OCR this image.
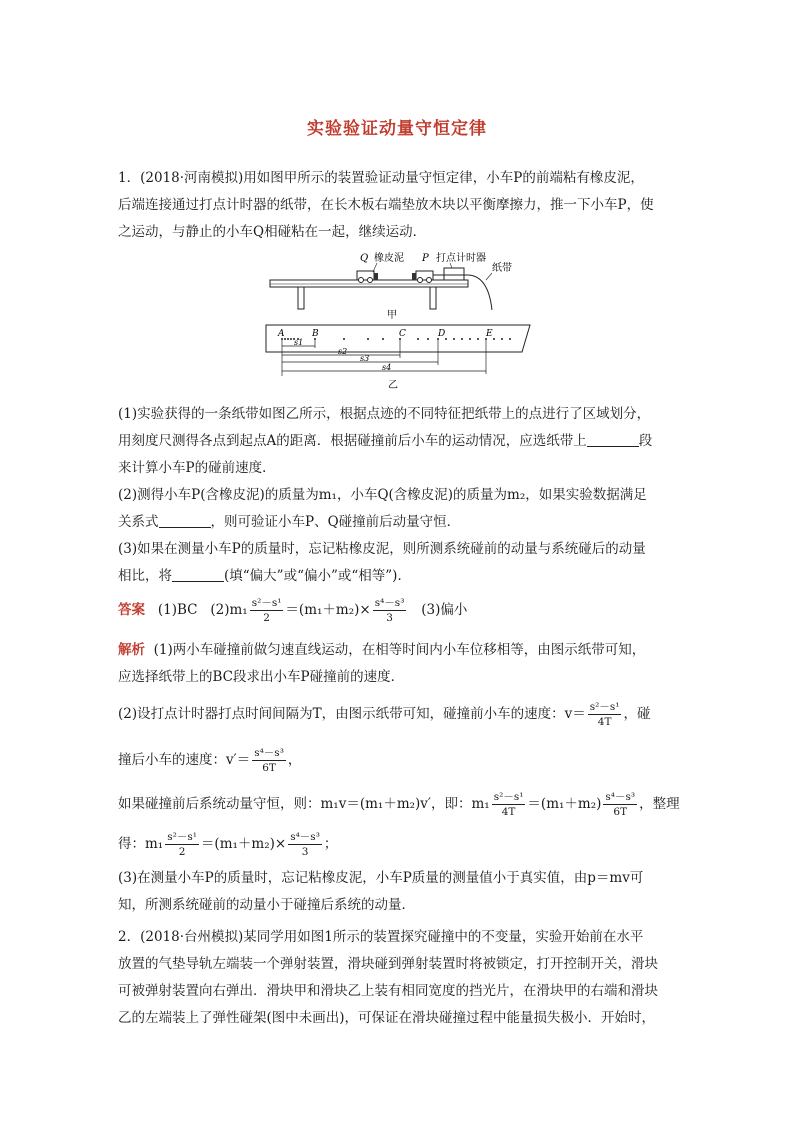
实验验证动量守恒定律
1．(2018·河南模拟)用如图甲所示的装置验证动量守恒定律，小车P的前端粘有橡皮泥，
后端连接通过打点计时器的纸带，在长木板右端垫放木块以平衡摩擦力，推一下小车P，使
之运动，与静止的小车Q相碰粘在一起，继续运动．
Q 橡皮泥 P 打点计时器
纸带
甲
A	B	C	D	E
s1
s2
s3
s4
乙
(1)实验获得的一条纸带如图乙所示，根据点迹的不同特征把纸带上的点进行了区域划分，
用刻度尺测得各点到起点A的距离．根据碰撞前后小车的运动情况，应选纸带上	段
来计算小车P的碰前速度．
(2)测得小车P(含橡皮泥)的质量为m₁，小车Q(含橡皮泥)的质量为m₂，如果实验数据满足
关系式	，则可验证小车P、Q碰撞前后动量守恒．
(3)如果在测量小车P的质量时，忘记粘橡皮泥，则所测系统碰前的动量与系统碰后的动量
相比，将	(填“偏大”或“偏小”或“相等”)．
答案 (1)BC $(2)m_1 \frac{\text{s²－s¹}}{2} =(m_1+m_2)\times \frac{\text{s⁴－s³}}{3} (3)$偏小
解析 (1)两小车碰撞前做匀速直线运动，在相等时间内小车位移相等，由图示纸带可知，
应选择纸带上的BC段求出小车P碰撞前的速度．
(2)设打点计时器打点时间间隔为T，由图示纸带可知，碰撞前小车的速度：$v= \frac{\text{s²－s¹}}{4T}$ ，碰
撞后小车的速度：$v'= \frac{\text{s⁴－s³}}{6T}$ ，
如果碰撞前后系统动量守恒，则：m₁v＝(m₁＋m₂)v′，即：$m_1 \frac{\text{s²－s¹}}{4T} =(m_1+m_2) \frac{\text{s⁴－s³}}{6T}$ ，整理
得：$m_1 \frac{\text{s²－s¹}}{2} =(m_1+m_2)\times \frac{\text{s⁴－s³}}{3}$ ；
(3)在测量小车P的质量时，忘记粘橡皮泥，小车P质量的测量值小于真实值，由p＝mv可
知，所测系统碰前的动量小于碰撞后系统的动量．
2．(2018·台州模拟)某同学用如图1所示的装置探究碰撞中的不变量，实验开始前在水平
放置的气垫导轨左端装一个弹射装置，滑块碰到弹射装置时将被锁定，打开控制开关，滑块
可被弹射装置向右弹出．滑块甲和滑块乙上装有相同宽度的挡光片，在滑块甲的右端和滑块
乙的左端装上了弹性碰架(图中未画出)，可保证在滑块碰撞过程中能量损失极小．开始时，
